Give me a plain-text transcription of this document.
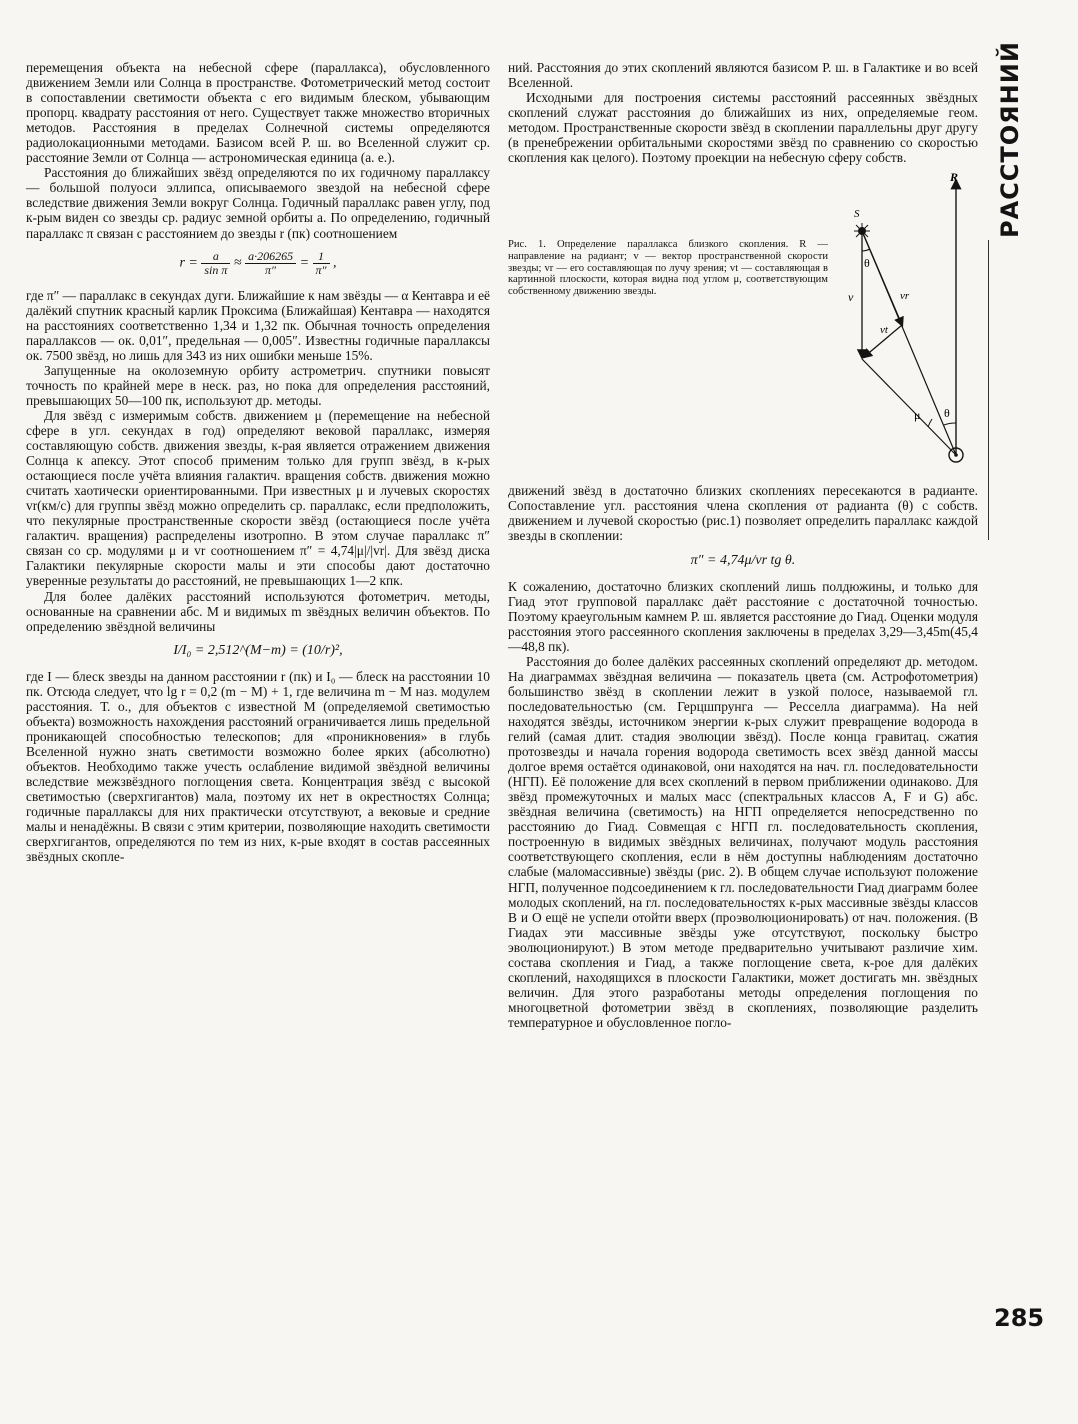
РАССТОЯНИЙ

перемещения объекта на небесной сфере (параллакса), обусловленного движением Земли или Солнца в пространстве. Фотометрический метод состоит в сопоставлении светимости объекта с его видимым блеском, убывающим пропорц. квадрату расстояния от него. Существует также множество вторичных методов. Расстояния в пределах Солнечной системы определяются радиолокационными методами. Базисом всей Р. ш. во Вселенной служит ср. расстояние Земли от Солнца — астрономическая единица (а. е.).

Расстояния до ближайших звёзд определяются по их годичному параллаксу — большой полуоси эллипса, описываемого звездой на небесной сфере вследствие движения Земли вокруг Солнца. Годичный параллакс равен углу, под к-рым виден со звезды ср. радиус земной орбиты a. По определению, годичный параллакс π связан с расстоянием до звезды r (пк) соотношением

$r = \frac{a}{\text{sin π}} \approx \frac{a\cdot 206265}{\pi''} = \frac{1}{\pi''}$ ,

где π″ — параллакс в секундах дуги. Ближайшие к нам звёзды — α Кентавра и её далёкий спутник красный карлик Проксима (Ближайшая) Кентавра — находятся на расстояниях соответственно 1,34 и 1,32 пк. Обычная точность определения параллаксов — ок. 0,01″, предельная — 0,005″. Известны годичные параллаксы ок. 7500 звёзд, но лишь для 343 из них ошибки меньше 15%.

Запущенные на околоземную орбиту астрометрич. спутники повысят точность по крайней мере в неск. раз, но пока для определения расстояний, превышающих 50—100 пк, используют др. методы.

Для звёзд с измеримым собств. движением μ (перемещение на небесной сфере в угл. секундах в год) определяют вековой параллакс, измеряя составляющую собств. движения звезды, к-рая является отражением движения Солнца к апексу. Этот способ применим только для групп звёзд, в к-рых остающиеся после учёта влияния галактич. вращения собств. движения можно считать хаотически ориентированными. При известных μ и лучевых скоростях vr(км/с) для группы звёзд можно определить ср. параллакс, если предположить, что пекулярные пространственные скорости звёзд (остающиеся после учёта галактич. вращения) распределены изотропно. В этом случае параллакс π″ связан со ср. модулями μ и vr соотношением π″ = 4,74|μ|/|vr|. Для звёзд диска Галактики пекулярные скорости малы и эти способы дают достаточно уверенные результаты до расстояний, не превышающих 1—2 кпк.

Для более далёких расстояний используются фотометрич. методы, основанные на сравнении абс. M и видимых m звёздных величин объектов. По определению звёздной величины

I/I₀ = 2,512^(M−m) = (10/r)²,

где I — блеск звезды на данном расстоянии r (пк) и I₀ — блеск на расстоянии 10 пк. Отсюда следует, что lg r = 0,2 (m − M) + 1, где величина m − M наз. модулем расстояния. Т. о., для объектов с известной M (определяемой светимостью объекта) возможность нахождения расстояний ограничивается лишь предельной проникающей способностью телескопов; для «проникновения» в глубь Вселенной нужно знать светимости возможно более ярких (абсолютно) объектов. Необходимо также учесть ослабление видимой звёздной величины вследствие межзвёздного поглощения света. Концентрация звёзд с высокой светимостью (сверхгигантов) мала, поэтому их нет в окрестностях Солнца; годичные параллаксы для них практически отсутствуют, а вековые и средние малы и ненадёжны. В связи с этим критерии, позволяющие находить светимости сверхгигантов, определяются по тем из них, к-рые входят в состав рассеянных звёздных скопле-

ний. Расстояния до этих скоплений являются базисом Р. ш. в Галактике и во всей Вселенной.

Исходными для построения системы расстояний рассеянных звёздных скоплений служат расстояния до ближайших из них, определяемые геом. методом. Пространственные скорости звёзд в скоплении параллельны друг другу (в пренебрежении орбитальными скоростями звёзд по сравнению со скоростью скопления как целого). Поэтому проекции на небесную сферу собств.

Рис. 1. Определение параллакса близкого скопления. R — направление на радиант; v — вектор пространственной скорости звезды; vr — его составляющая по лучу зрения; vt — составляющая в картинной плоскости, которая видна под углом μ, соответствующим собственному движению звезды.
R
S
v	vr
vt
θ
μ θ

движений звёзд в достаточно близких скоплениях пересекаются в радианте. Сопоставление угл. расстояния члена скопления от радианта (θ) с собств. движением и лучевой скоростью (рис.1) позволяет определить параллакс каждой звезды в скоплении:

π″ = 4,74μ/vr tg θ.

К сожалению, достаточно близких скоплений лишь полдюжины, и только для Гиад этот групповой параллакс даёт расстояние с достаточной точностью. Поэтому краеугольным камнем Р. ш. является расстояние до Гиад. Оценки модуля расстояния этого рассеянного скопления заключены в пределах 3,29—3,45m(45,4—48,8 пк).

Расстояния до более далёких рассеянных скоплений определяют др. методом. На диаграммах звёздная величина — показатель цвета (см. Астрофотометрия) большинство звёзд в скоплении лежит в узкой полосе, называемой гл. последовательностью (см. Герцшпрунга — Ресселла диаграмма). На ней находятся звёзды, источником энергии к-рых служит превращение водорода в гелий (самая длит. стадия эволюции звёзд). После конца гравитац. сжатия протозвезды и начала горения водорода светимость всех звёзд данной массы долгое время остаётся одинаковой, они находятся на нач. гл. последовательности (НГП). Её положение для всех скоплений в первом приближении одинаково. Для звёзд промежуточных и малых масс (спектральных классов A, F и G) абс. звёздная величина (светимость) на НГП определяется непосредственно по расстоянию до Гиад. Совмещая с НГП гл. последовательность скопления, построенную в видимых звёздных величинах, получают модуль расстояния соответствующего скопления, если в нём доступны наблюдениям достаточно слабые (маломассивные) звёзды (рис. 2). В общем случае используют положение НГП, полученное подсоединением к гл. последовательности Гиад диаграмм более молодых скоплений, на гл. последовательностях к-рых массивные звёзды классов B и O ещё не успели отойти вверх (проэволюционировать) от нач. положения. (В Гиадах эти массивные звёзды уже отсутствуют, поскольку быстро эволюционируют.) В этом методе предварительно учитывают различие хим. состава скопления и Гиад, а также поглощение света, к-рое для далёких скоплений, находящихся в плоскости Галактики, может достигать мн. звёздных величин. Для этого разработаны методы определения поглощения по многоцветной фотометрии звёзд в скоплениях, позволяющие разделить температурное и обусловленное погло-

285
